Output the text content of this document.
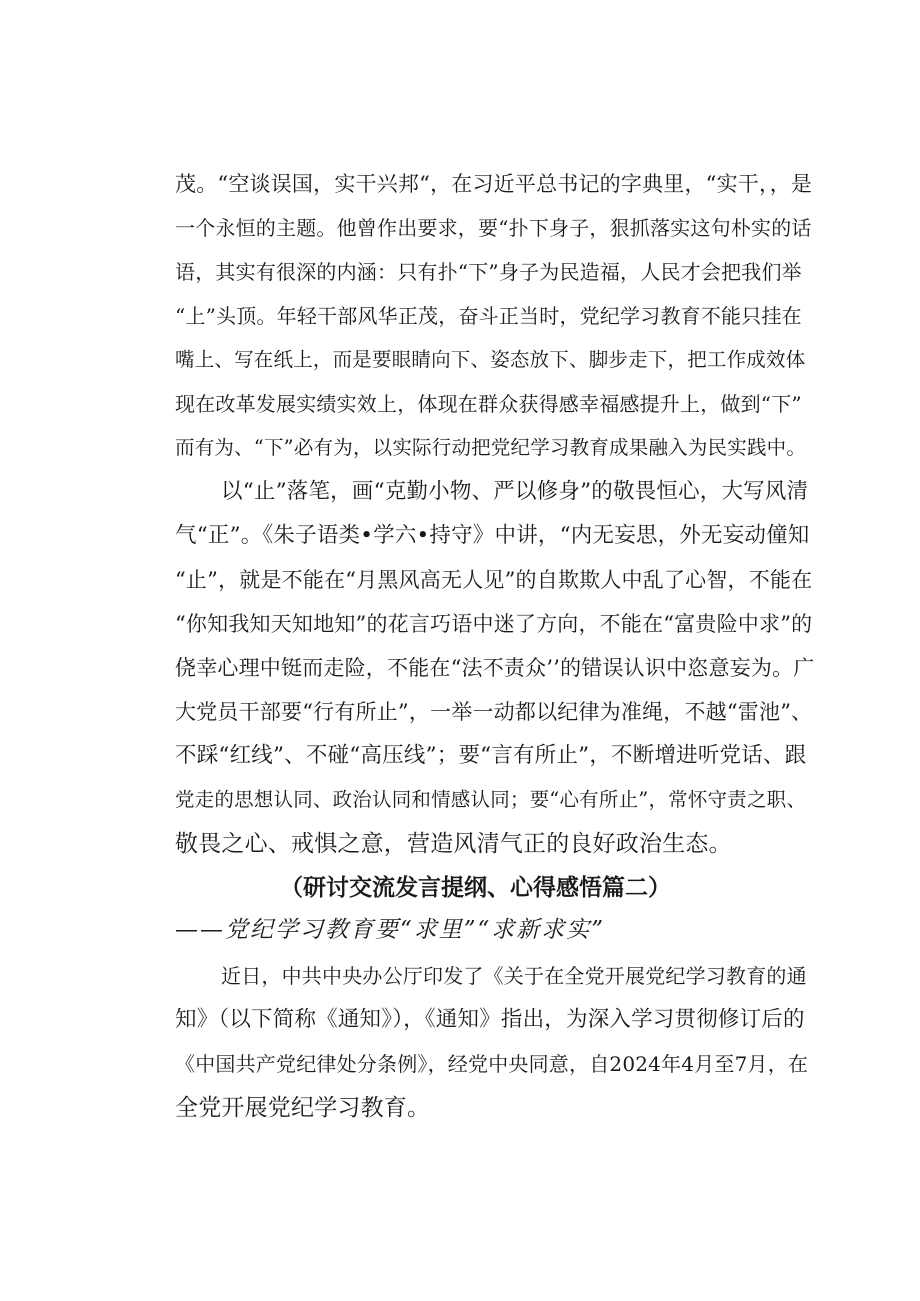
茂。“空谈误国，实干兴邦“，在习近平总书记的字典里，“实干，，是
一个永恒的主题。他曾作出要求，要“扑下身子，狠抓落实这句朴实的话
语，其实有很深的内涵：只有扑“下”身子为民造福，人民才会把我们举
“上”头顶。年轻干部风华正茂，奋斗正当时，党纪学习教育不能只挂在
嘴上、写在纸上，而是要眼睛向下、姿态放下、脚步走下，把工作成效体
现在改革发展实绩实效上，体现在群众获得感幸福感提升上，做到“下”
而有为、“下”必有为，以实际行动把党纪学习教育成果融入为民实践中。
以“止”落笔，画“克勤小物、严以修身”的敬畏恒心，大写风清
气“正”。《朱子语类•学六•持守》中讲，“内无妄思，外无妄动僮知
“止”，就是不能在“月黑风高无人见”的自欺欺人中乱了心智，不能在
“你知我知天知地知”的花言巧语中迷了方向，不能在“富贵险中求”的
侥幸心理中铤而走险，不能在“法不责众’’的错误认识中恣意妄为。广
大党员干部要“行有所止”，一举一动都以纪律为准绳，不越“雷池”、
不踩“红线”、不碰“高压线”；要“言有所止”，不断增进听党话、跟
党走的思想认同、政治认同和情感认同；要“心有所止”，常怀守责之职、
敬畏之心、戒惧之意，营造风清气正的良好政治生态。
（研讨交流发言提纲、心得感悟篇二）
——党纪学习教育要“求里”“求新求实”
近日，中共中央办公厅印发了《关于在全党开展党纪学习教育的通
知》（以下简称《通知》），《通知》指出，为深入学习贯彻修订后的
《中国共产党纪律处分条例》，经党中央同意，自2024年4月至7月，在
全党开展党纪学习教育。
